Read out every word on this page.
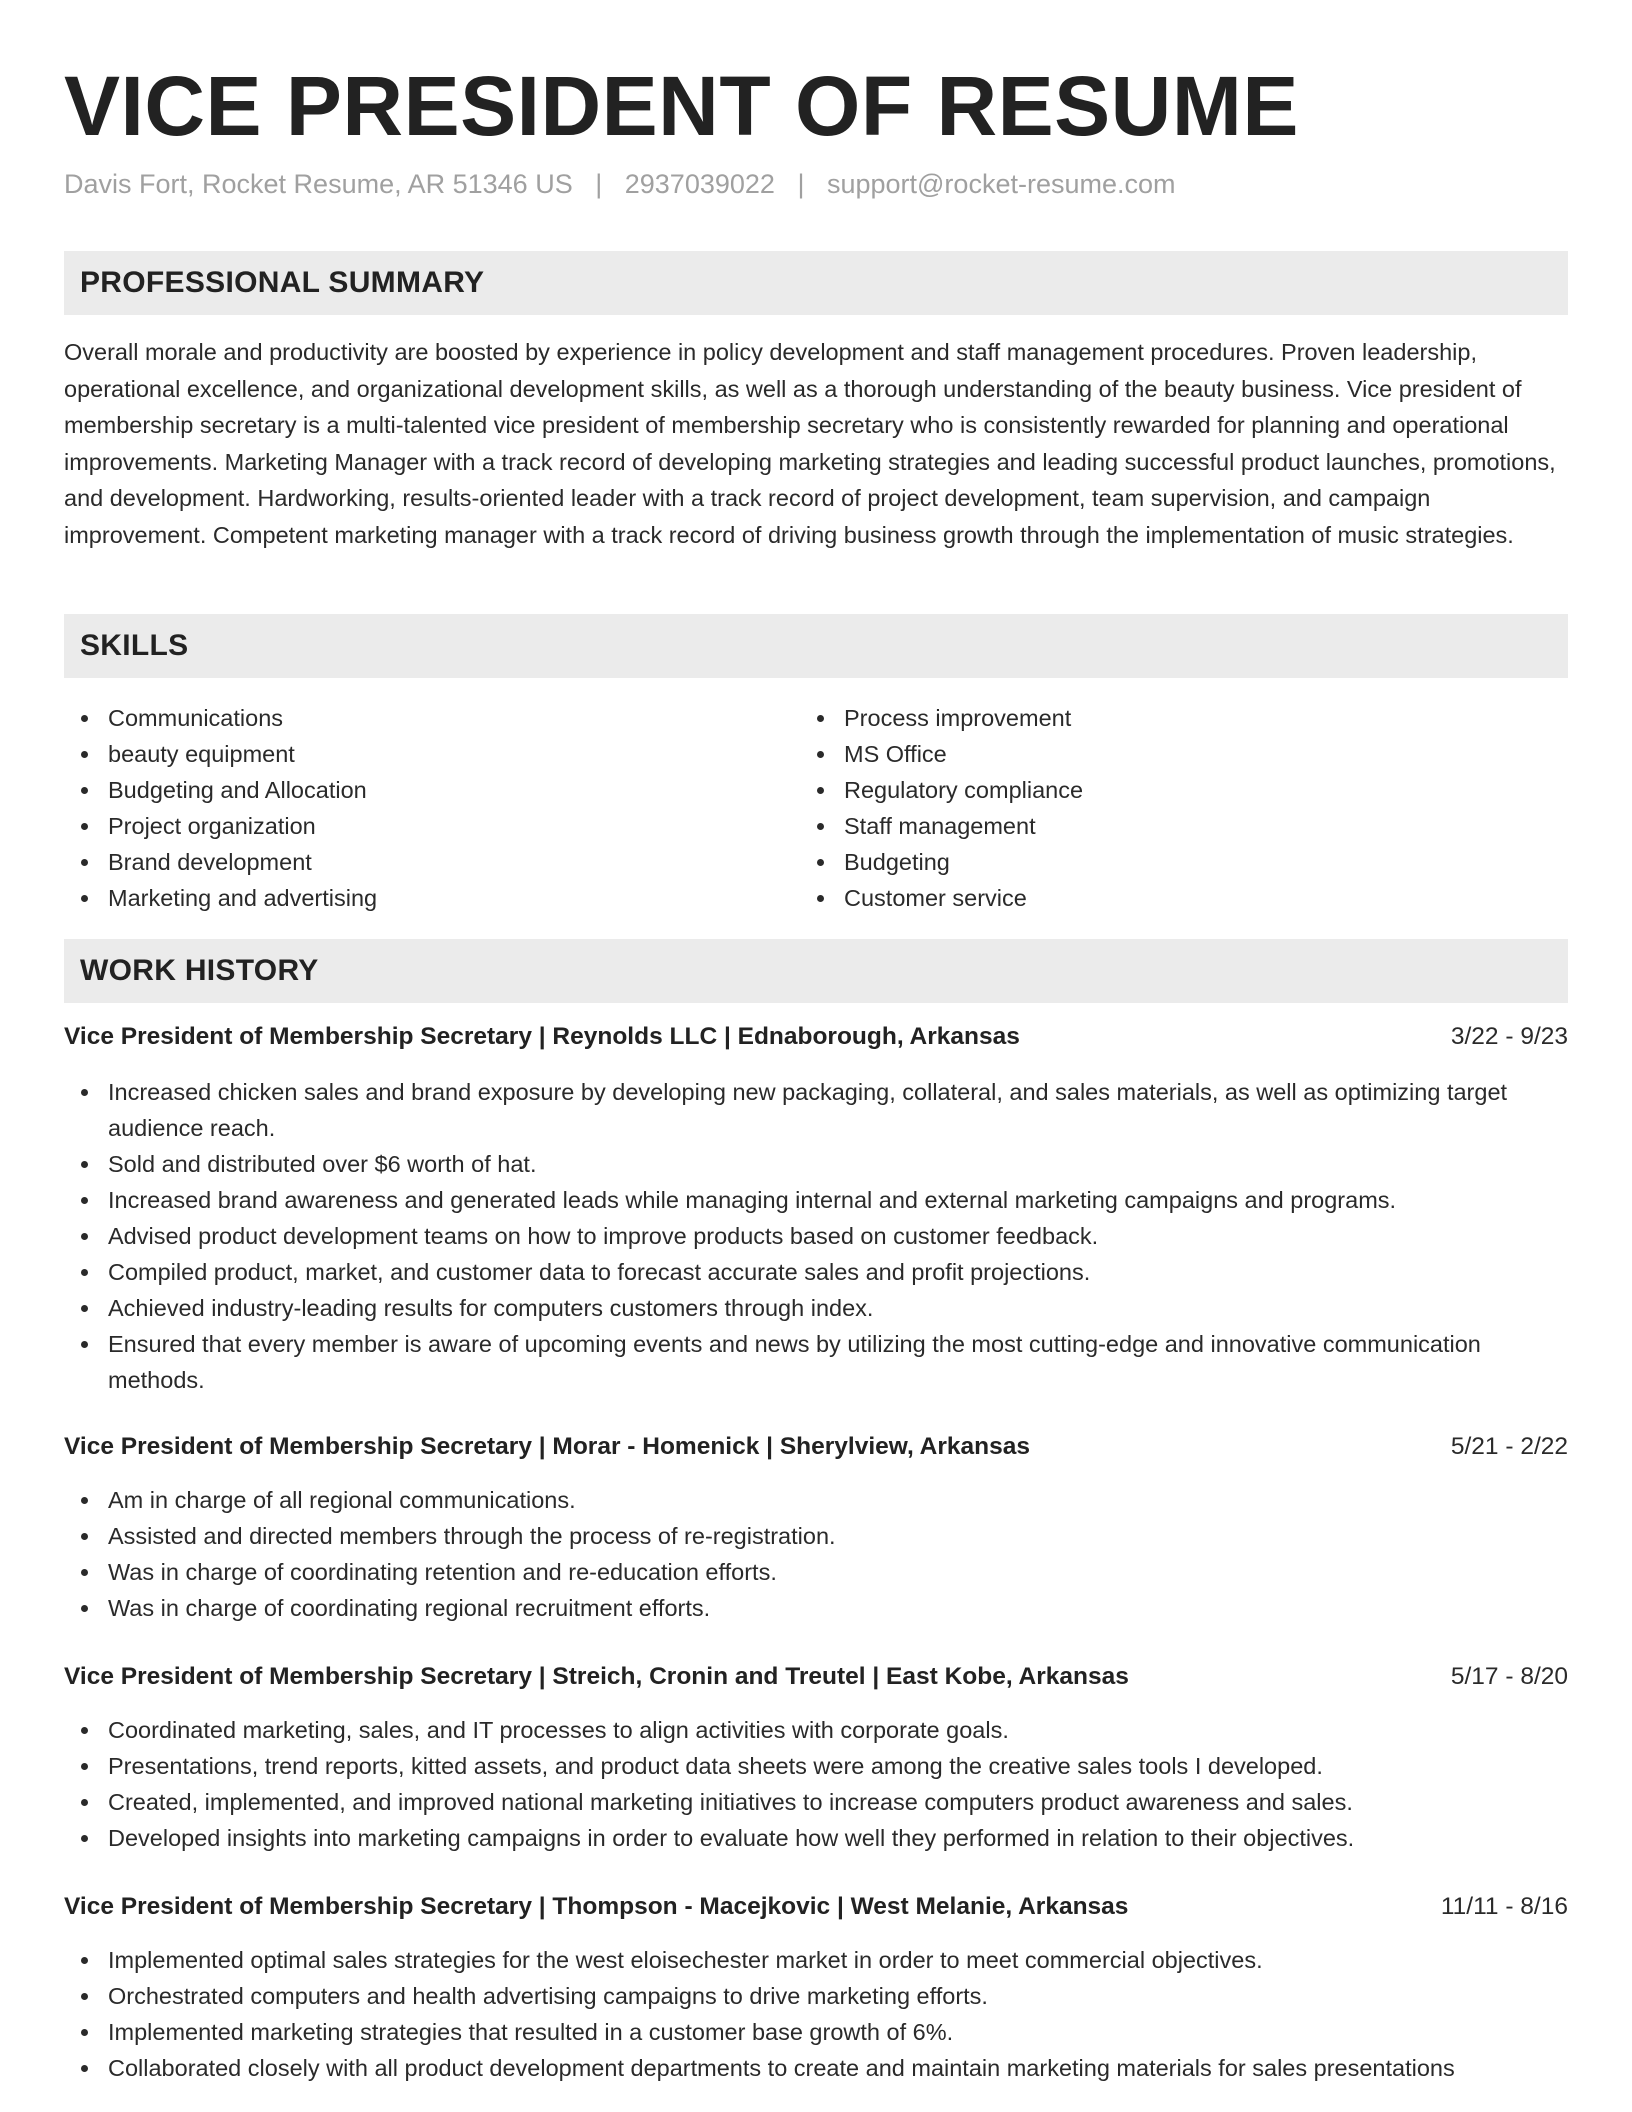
VICE PRESIDENT OF RESUME
Davis Fort, Rocket Resume, AR 51346 US | 2937039022 | support@rocket-resume.com
PROFESSIONAL SUMMARY

Overall morale and productivity are boosted by experience in policy development and staff management procedures. Proven leadership, operational excellence, and organizational development skills, as well as a thorough understanding of the beauty business. Vice president of membership secretary is a multi-talented vice president of membership secretary who is consistently rewarded for planning and operational improvements. Marketing Manager with a track record of developing marketing strategies and leading successful product launches, promotions, and development. Hardworking, results-oriented leader with a track record of project development, team supervision, and campaign improvement. Competent marketing manager with a track record of driving business growth through the implementation of music strategies.

SKILLS
Communications
beauty equipment
Budgeting and Allocation
Project organization
Brand development
Marketing and advertising
Process improvement
MS Office
Regulatory compliance
Staff management
Budgeting
Customer service
WORK HISTORY
Vice President of Membership Secretary | Reynolds LLC | Ednaborough, Arkansas	3/22 - 9/23
Increased chicken sales and brand exposure by developing new packaging, collateral, and sales materials, as well as optimizing target audience reach.
Sold and distributed over $6 worth of hat.
Increased brand awareness and generated leads while managing internal and external marketing campaigns and programs.
Advised product development teams on how to improve products based on customer feedback.
Compiled product, market, and customer data to forecast accurate sales and profit projections.
Achieved industry-leading results for computers customers through index.
Ensured that every member is aware of upcoming events and news by utilizing the most cutting-edge and innovative communication methods.
Vice President of Membership Secretary | Morar - Homenick | Sherylview, Arkansas	5/21 - 2/22
Am in charge of all regional communications.
Assisted and directed members through the process of re-registration.
Was in charge of coordinating retention and re-education efforts.
Was in charge of coordinating regional recruitment efforts.
Vice President of Membership Secretary | Streich, Cronin and Treutel | East Kobe, Arkansas	5/17 - 8/20
Coordinated marketing, sales, and IT processes to align activities with corporate goals.
Presentations, trend reports, kitted assets, and product data sheets were among the creative sales tools I developed.
Created, implemented, and improved national marketing initiatives to increase computers product awareness and sales.
Developed insights into marketing campaigns in order to evaluate how well they performed in relation to their objectives.
Vice President of Membership Secretary | Thompson - Macejkovic | West Melanie, Arkansas	11/11 - 8/16
Implemented optimal sales strategies for the west eloisechester market in order to meet commercial objectives.
Orchestrated computers and health advertising campaigns to drive marketing efforts.
Implemented marketing strategies that resulted in a customer base growth of 6%.
Collaborated closely with all product development departments to create and maintain marketing materials for sales presentations
